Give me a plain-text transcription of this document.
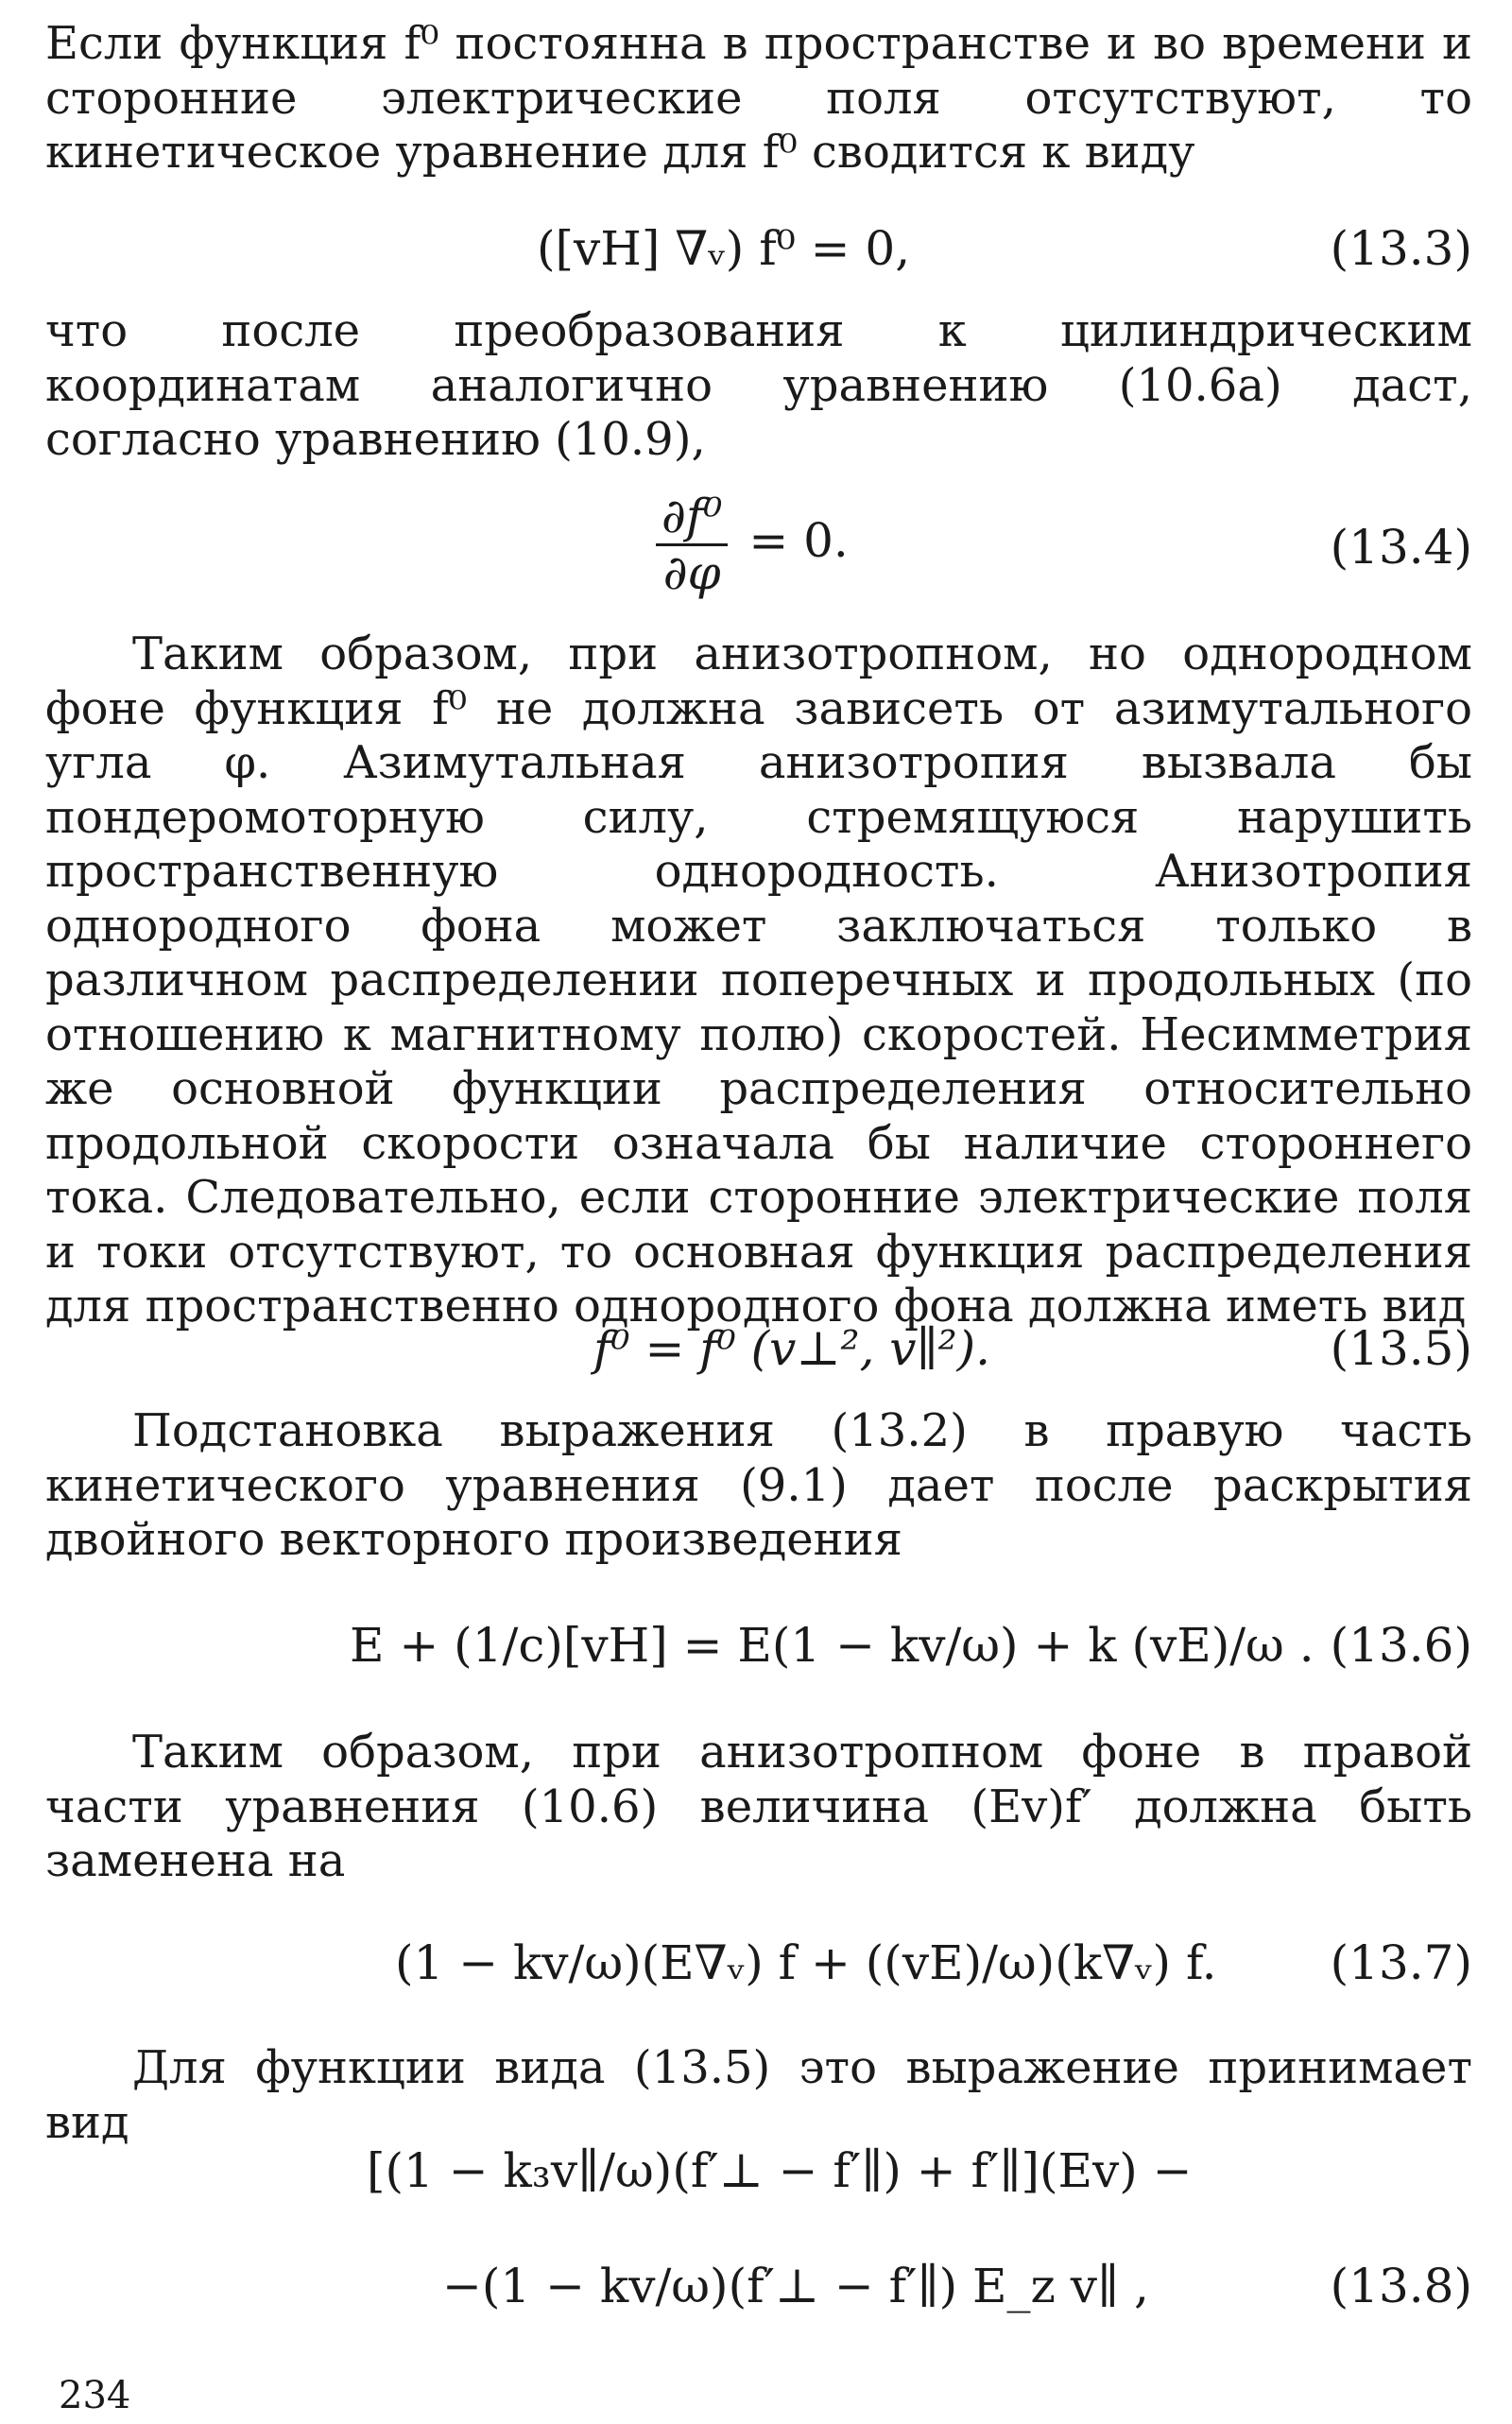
Если функция f⁰ постоянна в пространстве и во времени и сторонние электрические поля отсутствуют, то кинетическое уравнение для f⁰ сводится к виду

([vH] ∇ᵥ) f⁰ = 0,	(13.3)

что после преобразования к цилиндрическим координатам аналогично уравнению (10.6а) даст, согласно уравнению (10.9),

$\frac{\text{∂f⁰}}{\partial\varphi} = 0$.	(13.4)

Таким образом, при анизотропном, но однородном фоне функция f⁰ не должна зависеть от азимутального угла φ. Азимутальная анизотропия вызвала бы пондеромоторную силу, стремящуюся нарушить пространственную однородность. Анизотропия однородного фона может заключаться только в различном распределении поперечных и продольных (по отношению к магнитному полю) скоростей. Несимметрия же основной функции распределения относительно продольной скорости означала бы наличие стороннего тока. Следовательно, если сторонние электрические поля и токи отсутствуют, то основная функция распределения для пространственно однородного фона должна иметь вид

f⁰ = f⁰ (v⊥², v∥²).	(13.5)

Подстановка выражения (13.2) в правую часть кинетического уравнения (9.1) дает после раскрытия двойного векторного произведения

E + (1/c)[vH] = E(1 − kv/ω) + k (vE)/ω . (13.6)

Таким образом, при анизотропном фоне в правой части уравнения (10.6) величина (Ev)f′ должна быть заменена на

(1 − kv/ω)(E∇ᵥ) f + ((vE)/ω)(k∇ᵥ) f. (13.7)

Для функции вида (13.5) это выражение принимает вид

[(1 − k₃v∥/ω)(f′⊥ − f′∥) + f′∥](Ev) −
−(1 − kv/ω)(f′⊥ − f′∥) E_z v∥ ,	(13.8)
234
